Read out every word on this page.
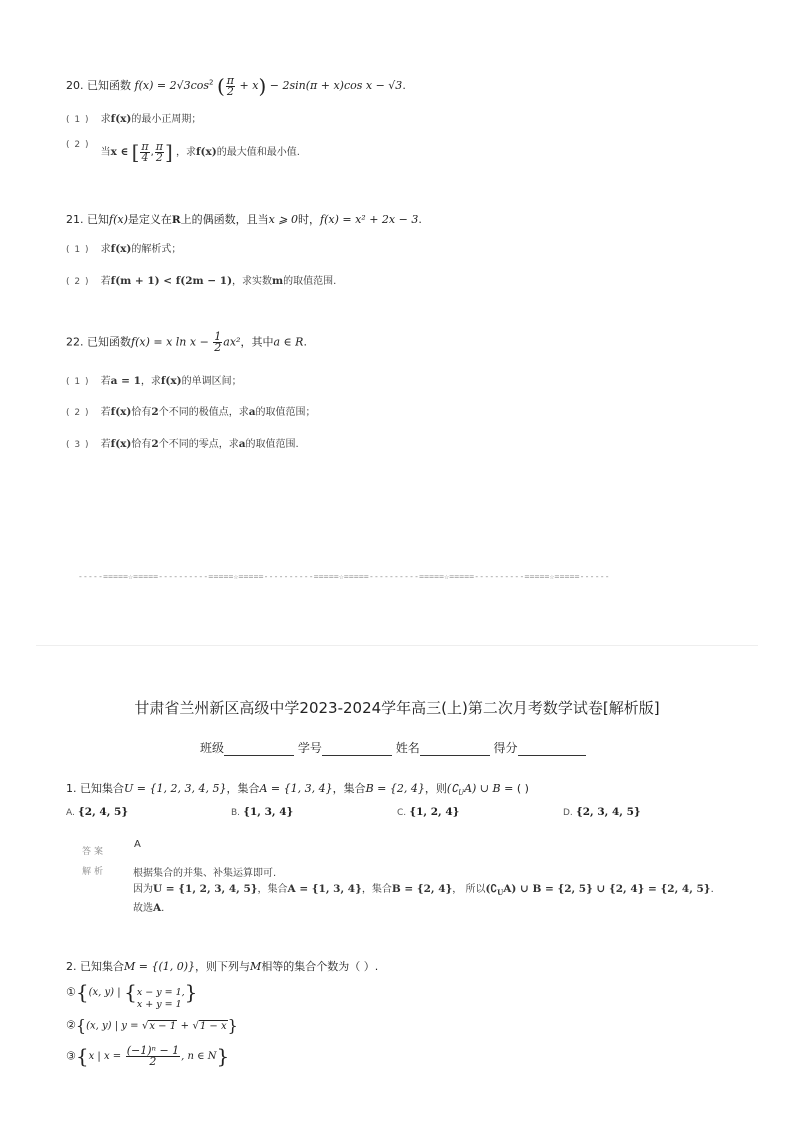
20. 已知函数 $f(x) = 2√3\cos^2$ ( $\frac{\pi}{2} + x) - 2\sin(\pi + x)\cos$ x − √3.
( 1 ) 求f(x)的最小正周期；
( 2 ) 当x ∈ [ $\frac{\pi}{4}$ , $\frac{\pi}{2}$ ] ，求f(x)的最大值和最小值.
21. 已知f(x)是定义在R上的偶函数，且当x ⩾ 0时，f(x) = x² + 2x − 3.
( 1 ) 求f(x)的解析式；
( 2 ) 若f(m + 1) < f(2m − 1)，求实数m的取值范围.
22. 已知函数f(x) = x $\ln x - \frac{1}{2} ax^2$，其中a ∈ R.
( 1 ) 若a = 1，求f(x)的单调区间；
( 2 ) 若f(x)恰有2个不同的极值点，求a的取值范围；
( 3 ) 若f(x)恰有2个不同的零点，求a的取值范围.
-----=====☆=====----------=====☆=====----------=====☆=====----------=====☆=====----------=====☆=====------
甘肃省兰州新区高级中学2023-2024学年高三(上)第二次月考数学试卷[解析版]
班级	学号	姓名	得分
1. 已知集合U = {1, 2, 3, 4, 5}，集合A = {1, 3, 4}，集合B = {2, 4}，则$(∁_UA)$ ∪ B = ( )
A. {2, 4, 5}	B. {1, 3, 4}	C. {1, 2, 4}	D. {2, 3, 4, 5}
答案
A
解析	根据集合的并集、补集运算即可.
因为U = {1, 2, 3, 4, 5}，集合A = {1, 3, 4}，集合B = {2, 4}， 所以$(∁_UA)$ ∪ B = {2, 5} ∪ {2, 4} = {2, 4, 5}.
故选A.
2. 已知集合M = {(1, 0)}，则下列与M相等的集合个数为（ ）.
①{(x, y) | { x − y = 1,
x + y = 1
}
②{(x, y) | y = √x − 1 + √1 − x}
③{x | $x = \frac{\text{(−1)ⁿ − 1}}{2}$ , n ∈ N}
